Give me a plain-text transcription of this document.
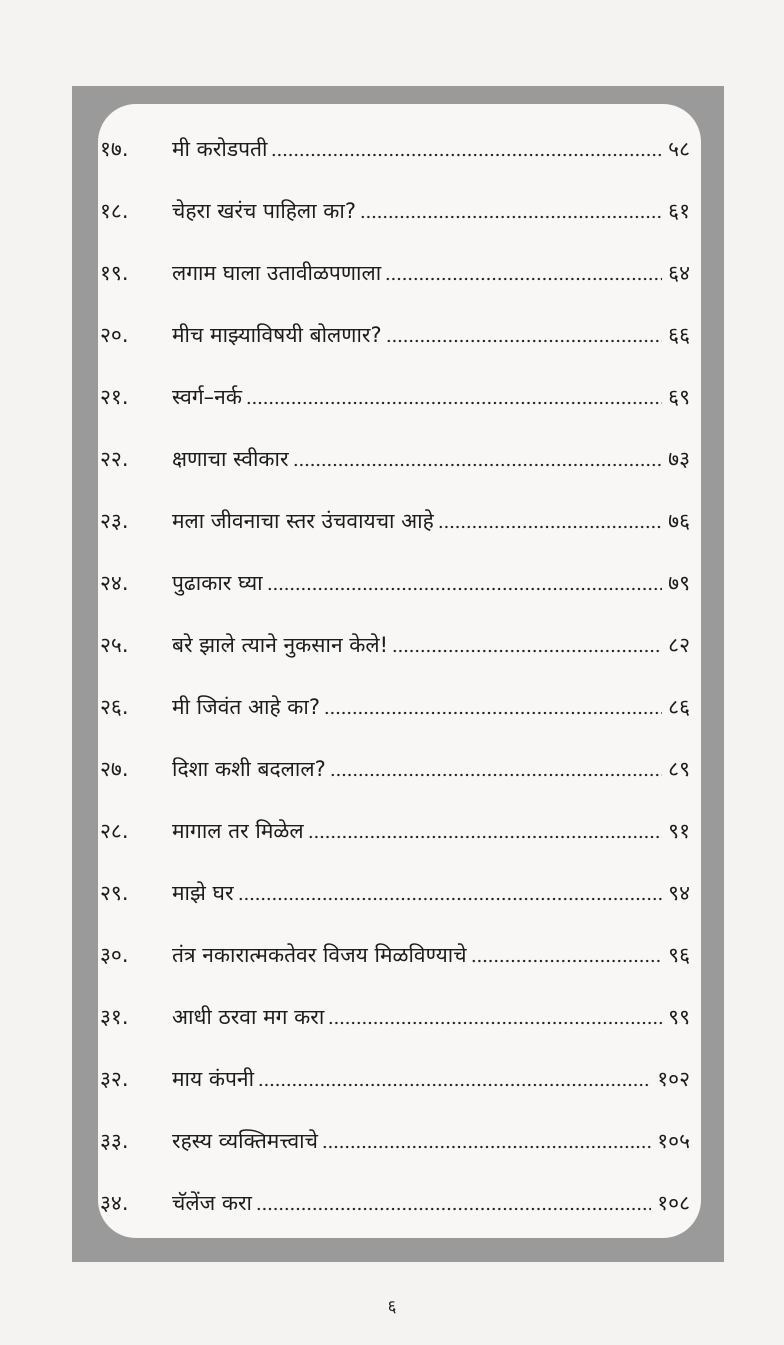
१७.	मी करोडपती	५८
१८.	चेहरा खरंच पाहिला का?	६१
१९.	लगाम घाला उतावीळपणाला	६४
२०.	मीच माझ्याविषयी बोलणार?	६६
२१.	स्वर्ग–नर्क	६९
२२.	क्षणाचा स्वीकार	७३
२३.	मला जीवनाचा स्तर उंचवायचा आहे	७६
२४.	पुढाकार घ्या	७९
२५.	बरे झाले त्याने नुकसान केले!	८२
२६.	मी जिवंत आहे का?	८६
२७.	दिशा कशी बदलाल?	८९
२८.	मागाल तर मिळेल	९१
२९.	माझे घर	९४
३०.	तंत्र नकारात्मकतेवर विजय मिळविण्याचे	९६
३१.	आधी ठरवा मग करा	९९
३२.	माय कंपनी	१०२
३३.	रहस्य व्यक्तिमत्त्वाचे	१०५
३४.	चॅलेंज करा	१०८
६
